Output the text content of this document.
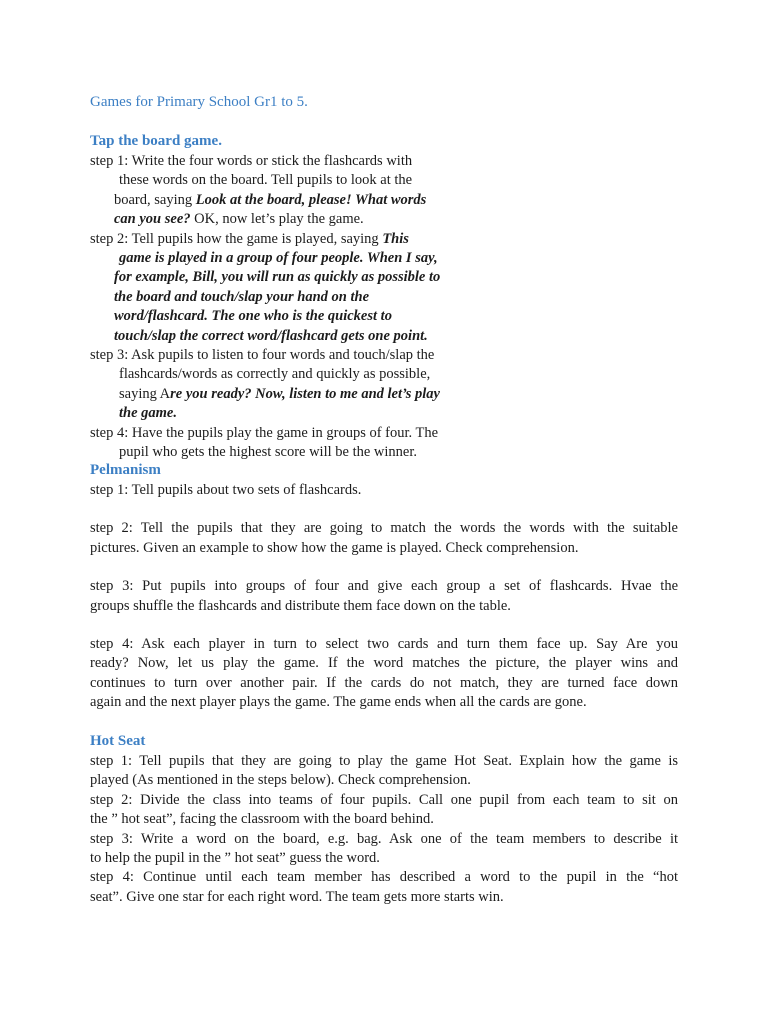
Games for Primary School Gr1 to 5.
Tap the board game.
step 1: Write the four words or stick the flashcards with
these words on the board. Tell pupils to look at the
board, saying Look at the board, please! What words
can you see? OK, now let’s play the game.
step 2: Tell pupils how the game is played, saying This
game is played in a group of four people. When I say,
for example, Bill, you will run as quickly as possible to
the board and touch/slap your hand on the
word/flashcard. The one who is the quickest to
touch/slap the correct word/flashcard gets one point.
step 3: Ask pupils to listen to four words and touch/slap the
flashcards/words as correctly and quickly as possible,
saying Are you ready? Now, listen to me and let’s play
the game.
step 4: Have the pupils play the game in groups of four. The
pupil who gets the highest score will be the winner.
Pelmanism
step 1: Tell pupils about two sets of flashcards.
step 2: Tell the pupils that they are going to match the words the words with the suitable
pictures. Given an example to show how the game is played. Check comprehension.
step 3: Put pupils into groups of four and give each group a set of flashcards. Hvae the
groups shuffle the flashcards and distribute them face down on the table.
step 4: Ask each player in turn to select two cards and turn them face up. Say Are you
ready? Now, let us play the game. If the word matches the picture, the player wins and
continues to turn over another pair. If the cards do not match, they are turned face down
again and the next player plays the game. The game ends when all the cards are gone.
Hot Seat
step 1: Tell pupils that they are going to play the game Hot Seat. Explain how the game is
played (As mentioned in the steps below). Check comprehension.
step 2: Divide the class into teams of four pupils. Call one pupil from each team to sit on
the ” hot seat”, facing the classroom with the board behind.
step 3: Write a word on the board, e.g. bag. Ask one of the team members to describe it
to help the pupil in the ” hot seat” guess the word.
step 4: Continue until each team member has described a word to the pupil in the “hot
seat”. Give one star for each right word. The team gets more starts win.
